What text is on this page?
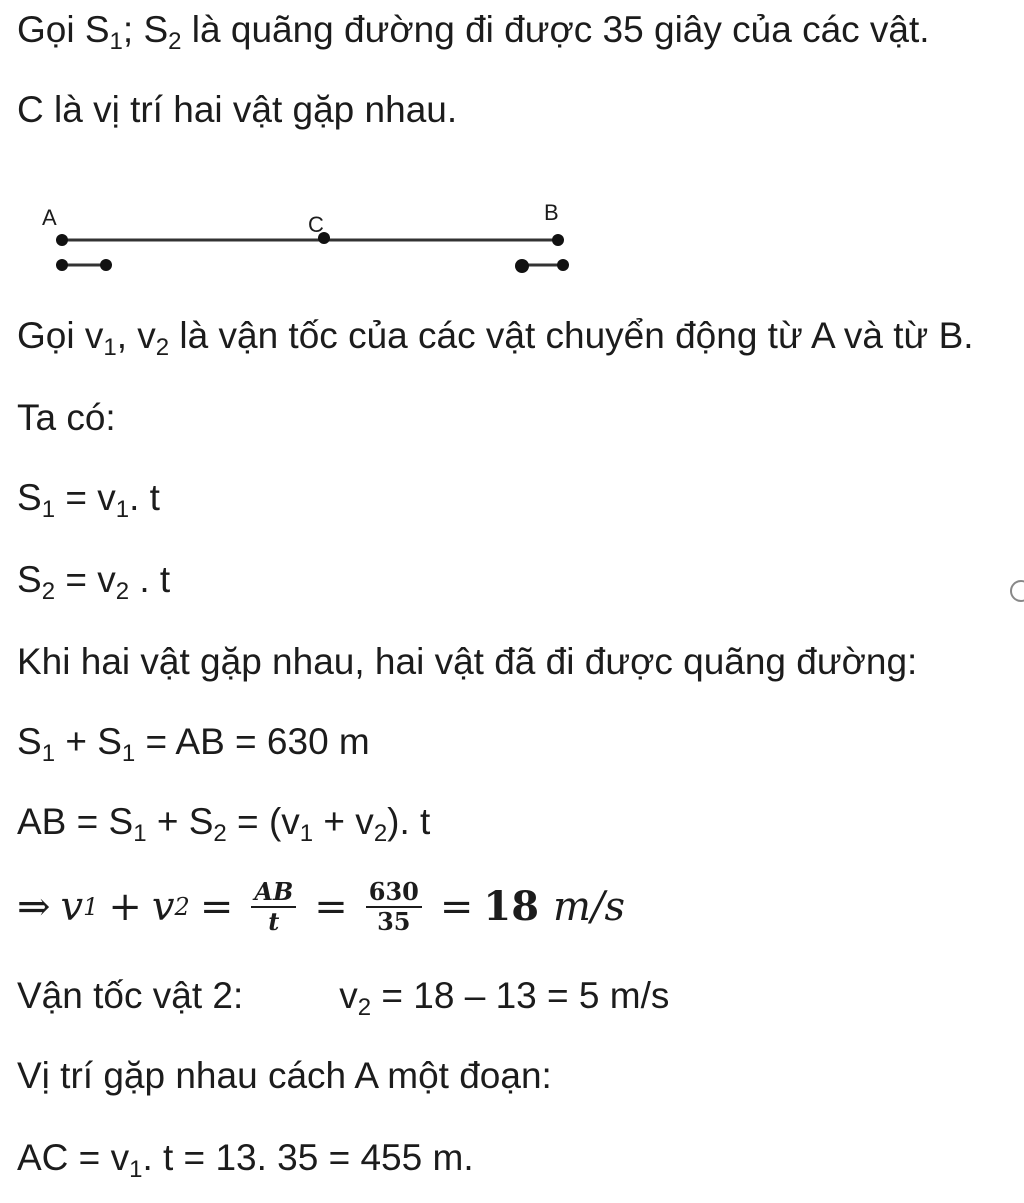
Gọi $S_1$; $S_2$ là quãng đường đi được 35 giây của các vật.
C là vị trí hai vật gặp nhau.
A	C	B
Gọi $v_1$, $v_2$ là vận tốc của các vật chuyển động từ A và từ B.
Ta có:
$S_1 = v_1$. t
$S_2 = v_2$ . t
Khi hai vật gặp nhau, hai vật đã đi được quãng đường:
$S_1 + S_1$ = AB = 630 m
AB = $S_1 + S_2 = (v_1 + v_2)$. t
⇒ v 1 + v $2 = \frac{AB}{t} = \frac{630}{35} = 18$ m/s
Vận tốc vật 2:	$v_2 = 18 - 13 = 5$ m/s
Vị trí gặp nhau cách A một đoạn:
AC = $v_1$. t = 13. 35 = 455 m.
